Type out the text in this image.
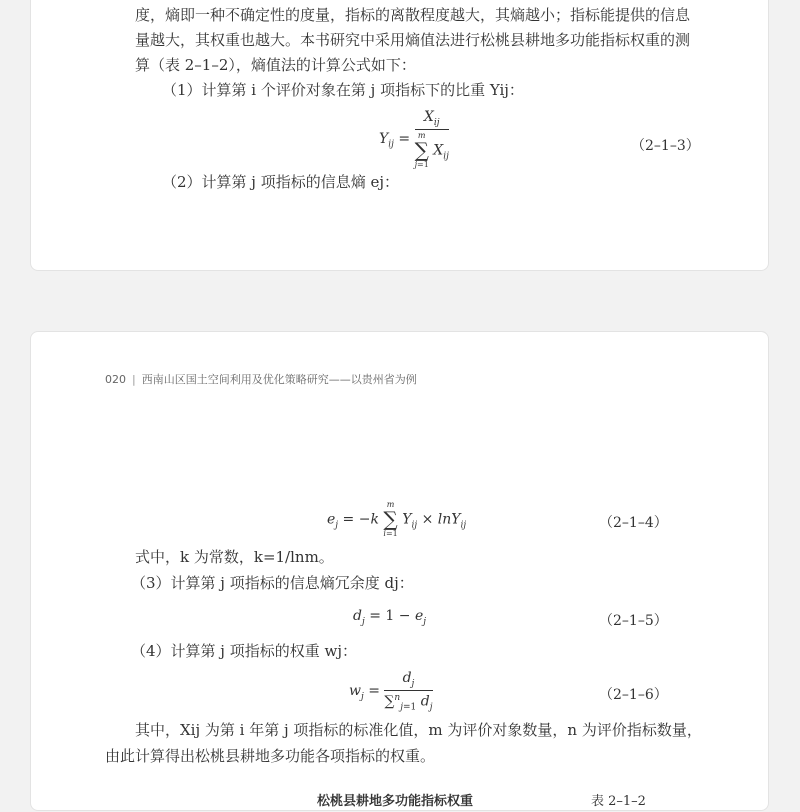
度，熵即一种不确定性的度量，指标的离散程度越大，其熵越小；指标能提供的信息
量越大，其权重也越大。本书研究中采用熵值法进行松桃县耕地多功能指标权重的测
算（表 2–1–2），熵值法的计算公式如下：
（1）计算第 i 个评价对象在第 j 项指标下的比重 Yij：
$Y_{ij} = X_{ij}$
m
∑
j=1
$X_{ij}$	（2–1–3）
（2）计算第 j 项指标的信息熵 ej：
020 | 西南山区国土空间利用及优化策略研究——以贵州省为例
$e_j = -k$
m
∑
i=1
$Y_{ij} \times \ln Y_{ij}$	（2–1–4）
式中，k 为常数，k=1/lnm。
（3）计算第 j 项指标的信息熵冗余度 dj：
$d_j = 1 - e_j$	（2–1–5）
（4）计算第 j 项指标的权重 wj：
$w_j = \frac{d_j}{\sum^n_{j=1} d_j}$	（2–1–6）
其中，Xij 为第 i 年第 j 项指标的标准化值，m 为评价对象数量，n 为评价指标数量，
由此计算得出松桃县耕地多功能各项指标的权重。
松桃县耕地多功能指标权重	表 2–1–2
